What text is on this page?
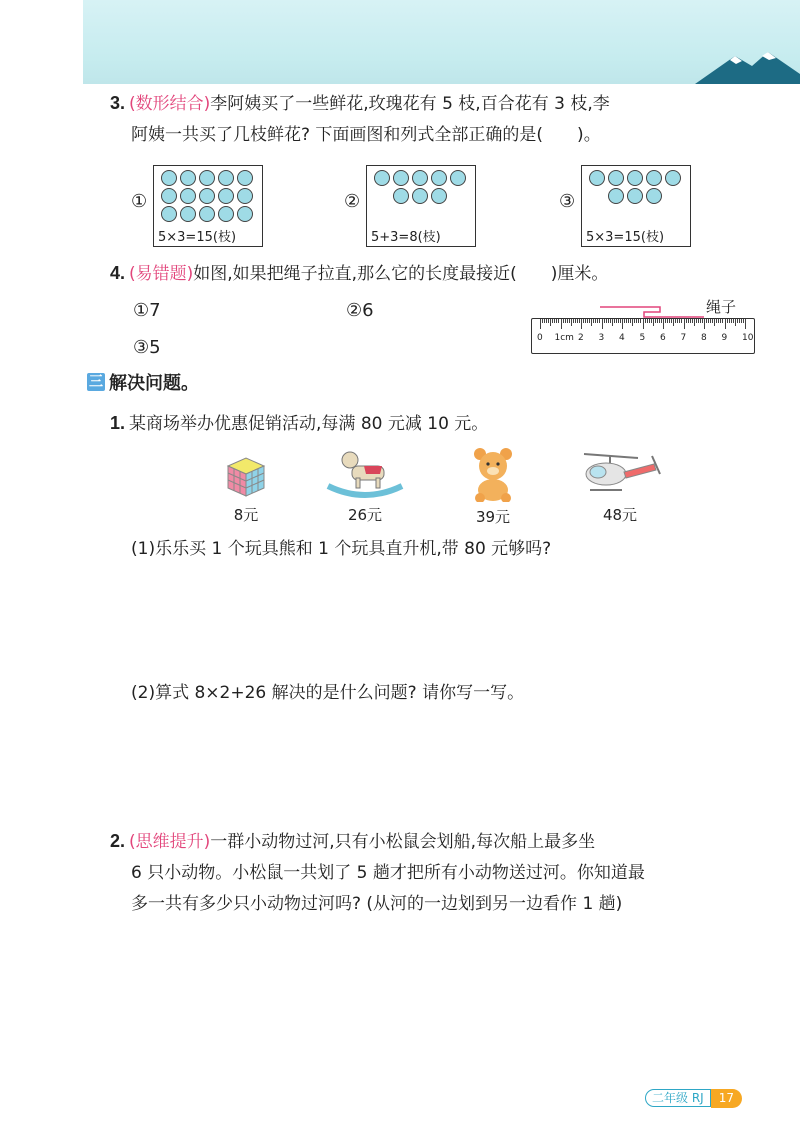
3. (数形结合)李阿姨买了一些鲜花,玫瑰花有 5 枝,百合花有 3 枝,李
阿姨一共买了几枝鲜花? 下面画图和列式全部正确的是(　　)。
①
5×3=15(枝)
②
5+3=8(枝)
③
5×3=15(枝)
4. (易错题)如图,如果把绳子拉直,那么它的长度最接近(　　)厘米。
①7	②6
③5
绳子
0 1cm 2 3 4 5 6 7 8 9 10
三 解决问题。
1. 某商场举办优惠促销活动,每满 80 元减 10 元。
8元	26元	39元	48元
(1)乐乐买 1 个玩具熊和 1 个玩具直升机,带 80 元够吗?
(2)算式 8×2+26 解决的是什么问题? 请你写一写。
2. (思维提升)一群小动物过河,只有小松鼠会划船,每次船上最多坐
6 只小动物。小松鼠一共划了 5 趟才把所有小动物送过河。你知道最
多一共有多少只小动物过河吗? (从河的一边划到另一边看作 1 趟)
二年级 RJ	17
